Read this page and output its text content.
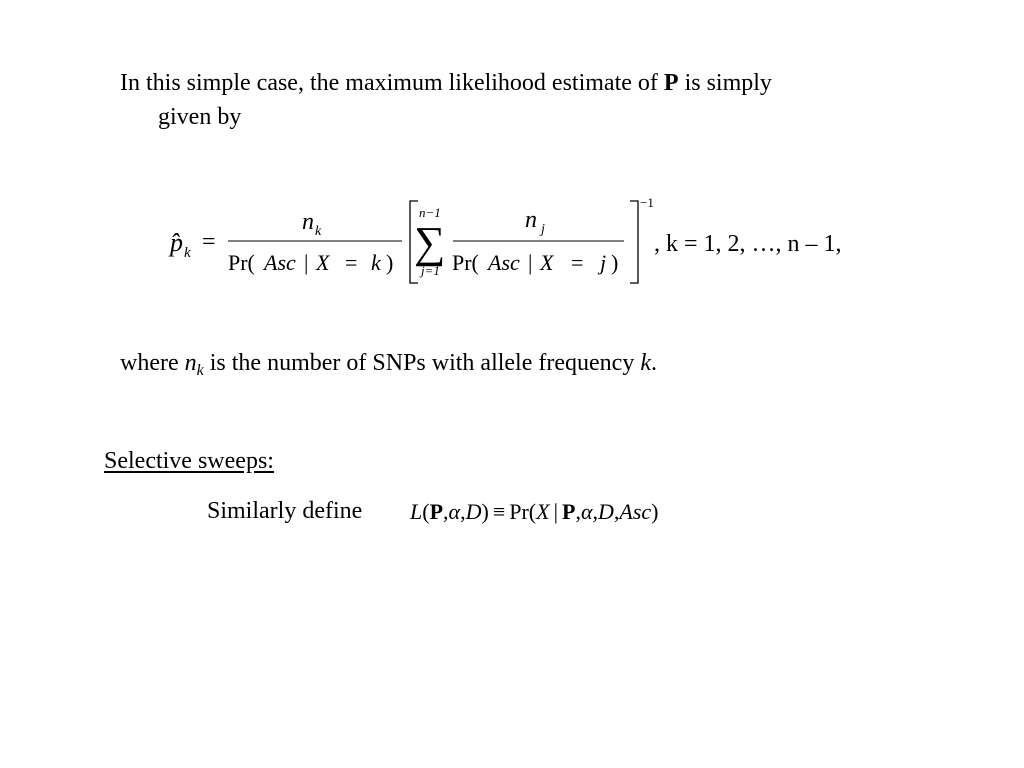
In this simple case, the maximum likelihood estimate of P is simply
given by
p̂ k =
n k
Pr( Asc | X = k )
n−1
∑
j=1
n j
Pr( Asc | X = j )
−1
, k = 1, 2, …, n – 1,
where $n_k$ is the number of SNPs with allele frequency k.
Selective sweeps:
Similarly define L(P,α,D) ≡ Pr(X | P,α,D,Asc)
